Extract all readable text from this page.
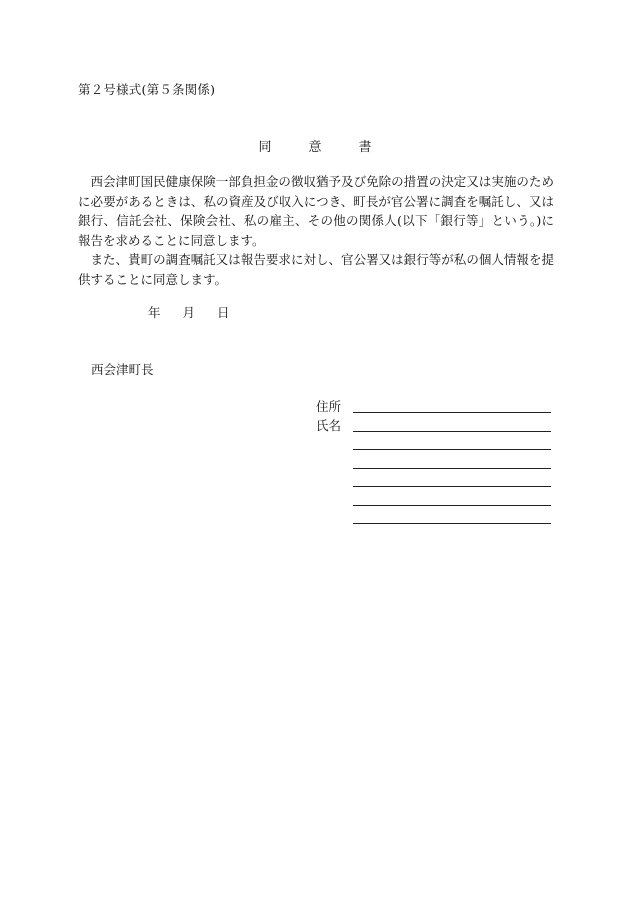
第２号様式(第５条関係)
同　意　書

西会津町国民健康保険一部負担金の徴収猶予及び免除の措置の決定又は実施のために必要があるときは、私の資産及び収入につき、町長が官公署に調査を嘱託し、又は銀行、信託会社、保険会社、私の雇主、その他の関係人(以下「銀行等」という。)に報告を求めることに同意します。

また、貴町の調査嘱託又は報告要求に対し、官公署又は銀行等が私の個人情報を提供することに同意します。

年 月 日
西会津町長
住所
氏名
